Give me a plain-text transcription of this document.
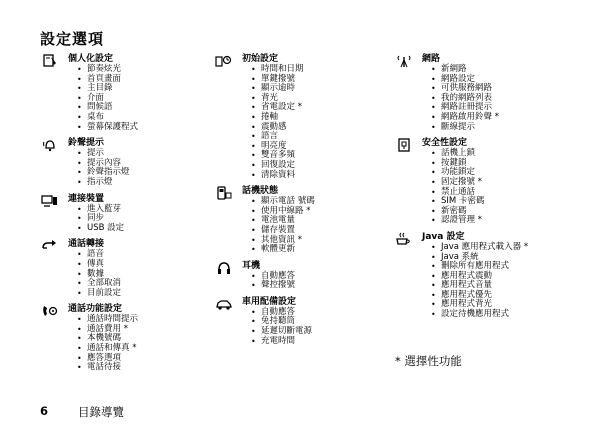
設定選項
個人化設定
• 節奏炫光
• 首頁畫面
• 主目錄
• 介面
• 問候語
• 桌布
• 螢幕保護程式
鈴聲提示
• 提示
• 提示內容
• 鈴聲指示燈
• 指示燈
連接裝置
• 進入藍芽
• 同步
• USB 設定
通話轉接
• 語音
• 傳真
• 數據
• 全部取消
• 目前設定
通話功能設定
• 通話時間提示
• 通話費用 *
• 本機號碼
• 通話和傳真 *
• 應答選項
• 電話待接
初始設定
• 時間和日期
• 單鍵撥號
• 顯示逾時
• 背光
• 省電設定 *
• 捲軸
• 震動感
• 語言
• 明亮度
• 雙音多頻
• 回復設定
• 清除資料
話機狀態
• 顯示電話 號碼
• 使用中線路 *
• 電池電量
• 儲存裝置
• 其他資訊 *
• 軟體更新
耳機
• 自動應答
• 聲控撥號
車用配備設定
• 自動應答
• 免持聽筒
• 延遲切斷電源
• 充電時間
網路
• 新網路
• 網路設定
• 可供服務網路
• 我的網路列表
• 網路註冊提示
• 網路啟用鈴聲 *
• 斷線提示
安全性設定
• 話機上鎖
• 按鍵鎖
• 功能鎖定
• 固定撥號 *
• 禁止通話
• SIM 卡密碼
• 新密碼
• 認證管理 *
Java 設定
• Java 應用程式載入器 *
• Java 系統
• 刪除所有應用程式
• 應用程式震動
• 應用程式音量
• 應用程式優先
• 應用程式背光
• 設定待機應用程式
* 選擇性功能
6	目錄導覽
